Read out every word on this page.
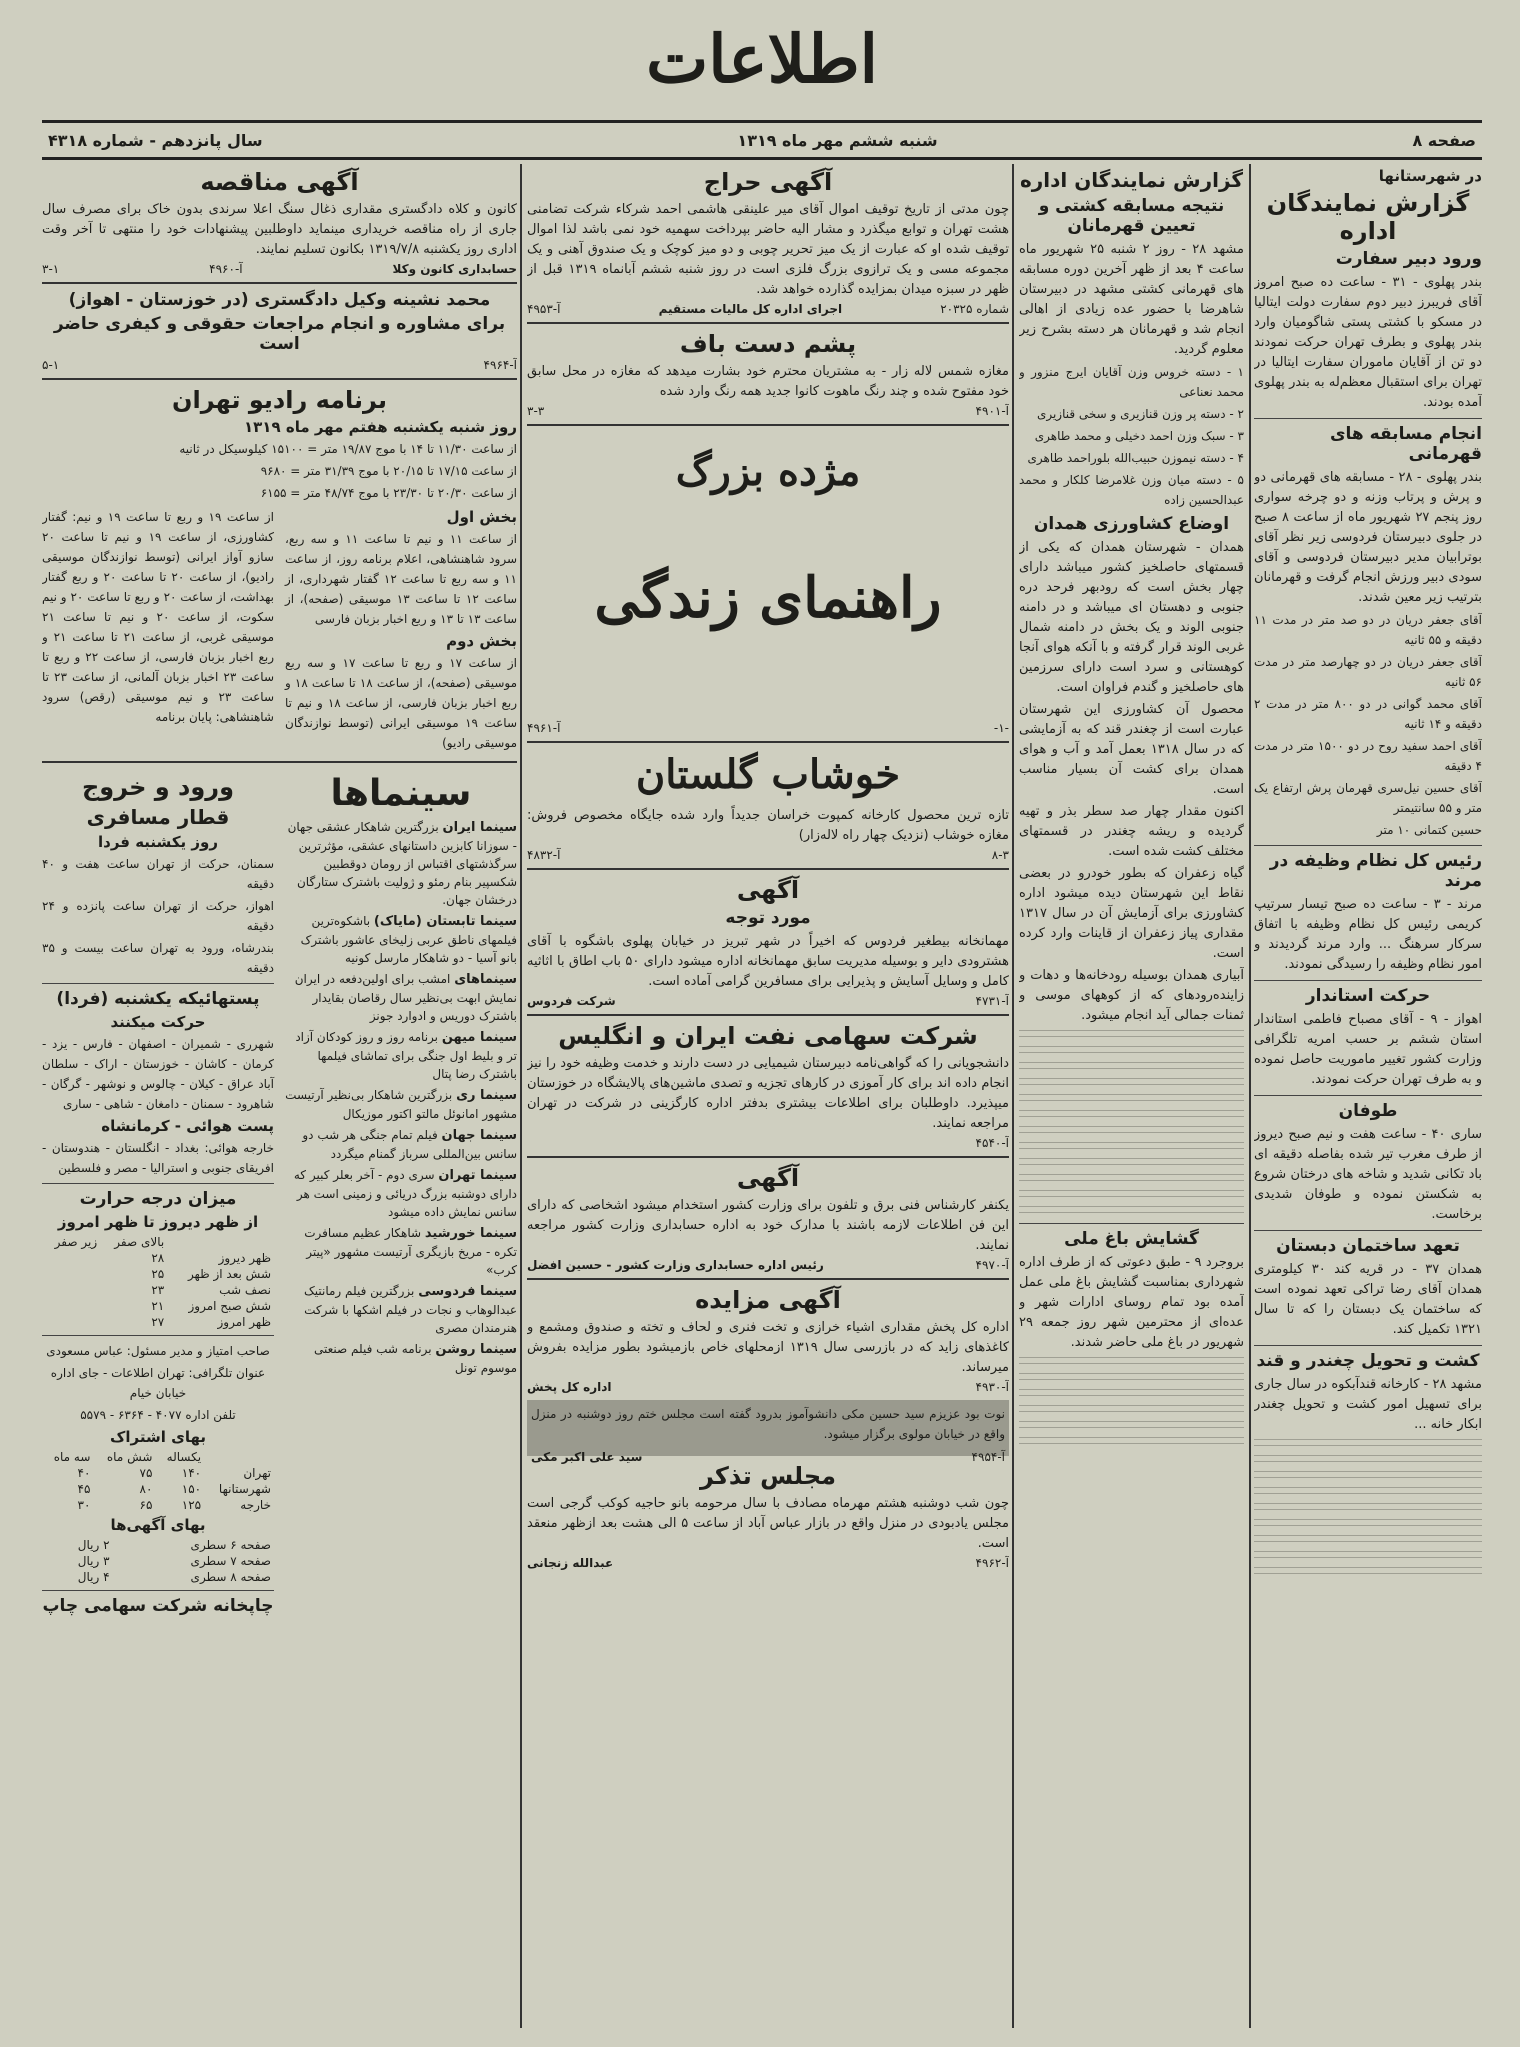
اطلاعات
صفحه ۸
شنبه ششم مهر ماه ۱۳۱۹
سال پانزدهم - شماره ۴۳۱۸
در شهرستانها
گزارش نمایندگان اداره
ورود دبیر سفارت

بندر پهلوی - ۳۱ - ساعت ده صبح امروز آقای فریبرز دبیر دوم سفارت دولت ایتالیا در مسکو با کشتی پستی شاگومیان وارد بندر پهلوی و بطرف تهران حرکت نمودند دو تن از آقایان ماموران سفارت ایتالیا در تهران برای استقبال معظم‌له به بندر پهلوی آمده بودند.

انجام مسابقه های قهرمانی

بندر پهلوی - ۲۸ - مسابقه های قهرمانی دو و پرش و پرتاب وزنه و دو چرخه سواری روز پنجم ۲۷ شهریور ماه از ساعت ۸ صبح در جلوی دبیرستان فردوسی زیر نظر آقای بوترابیان مدیر دبیرستان فردوسی و آقای سودی دبیر ورزش انجام گرفت و قهرمانان بترتیب زیر معین شدند.

آقای جعفر دریان در دو صد متر در مدت ۱۱ دقیقه و ۵۵ ثانیه

آقای جعفر دریان در دو چهارصد متر در مدت ۵۶ ثانیه

آقای محمد گوانی در دو ۸۰۰ متر در مدت ۲ دقیقه و ۱۴ ثانیه

آقای احمد سفید روح در دو ۱۵۰۰ متر در مدت ۴ دقیقه

آقای حسین نیل‌سری قهرمان پرش ارتفاع یک متر و ۵۵ سانتیمتر

حسین کتمانی ۱۰ متر

رئیس کل نظام وظیفه در مرند

مرند - ۳ - ساعت ده صبح تیسار سرتیپ کریمی رئیس کل نظام وظیفه با اتفاق سرکار سرهنگ ... وارد مرند گردیدند و امور نظام وظیفه را رسیدگی نمودند.

حرکت استاندار

اهواز - ۹ - آقای مصباح فاطمی استاندار استان ششم بر حسب امریه تلگرافی وزارت کشور تغییر ماموریت حاصل نموده و به طرف تهران حرکت نمودند.

طوفان

ساری ۴۰ - ساعت هفت و نیم صبح دیروز از طرف مغرب تیر شده بفاصله دقیقه ای باد تکانی شدید و شاخه های درختان شروع به شکستن نموده و طوفان شدیدی برخاست.

تعهد ساختمان دبستان

همدان ۳۷ - در قریه کند ۳۰ کیلومتری همدان آقای رضا تراکی تعهد نموده است که ساختمان یک دبستان را که تا سال ۱۳۲۱ تکمیل کند.

کشت و تحویل چغندر و قند

مشهد ۲۸ - کارخانه قندآبکوه در سال جاری برای تسهیل امور کشت و تحویل چغندر ابکار خانه ...

گزارش نمایندگان اداره
نتیجه مسابقه کشتی و تعیین قهرمانان

مشهد ۲۸ - روز ۲ شنبه ۲۵ شهریور ماه ساعت ۴ بعد از ظهر آخرین دوره مسابقه های قهرمانی کشتی مشهد در دبیرستان شاهرضا با حضور عده زیادی از اهالی انجام شد و قهرمانان هر دسته بشرح زیر معلوم گردید.

۱ - دسته خروس وزن آقایان ایرج منزور و محمد نعناعی

۲ - دسته پر وزن قنازیری و سخی قنازیری

۳ - سبک وزن احمد دخیلی و محمد طاهری

۴ - دسته نیموزن حبیب‌الله بلوراحمد طاهری

۵ - دسته میان وزن غلامرضا کلکار و محمد عبدالحسین زاده

اوضاع کشاورزی همدان

همدان - شهرستان همدان که یکی از قسمتهای حاصلخیز کشور میباشد دارای چهار بخش است که رودبهر فرحد دره جنوبی و دهستان ای میباشد و در دامنه جنوبی الوند و یک بخش در دامنه شمال غربی الوند قرار گرفته و با آنکه هوای آنجا کوهستانی و سرد است دارای سرزمین های حاصلخیز و گندم فراوان است.

محصول آن کشاورزی این شهرستان عبارت است از چغندر قند که به آزمایشی که در سال ۱۳۱۸ بعمل آمد و آب و هوای همدان برای کشت آن بسیار مناسب است.

اکنون مقدار چهار صد سطر بذر و تهیه گردیده و ریشه چغندر در قسمتهای مختلف کشت شده است.

گیاه زعفران که بطور خودرو در بعضی نقاط این شهرستان دیده میشود اداره کشاورزی برای آزمایش آن در سال ۱۳۱۷ مقداری پیاز زعفران از قاینات وارد کرده است.

آبیاری همدان بوسیله رودخانه‌ها و دهات و زاینده‌رودهای که از کوههای موسی و ثمنات جمالی آید انجام میشود.

گشایش باغ ملی

بروجرد ۹ - طبق دعوتی که از طرف اداره شهرداری بمناسبت گشایش باغ ملی عمل آمده بود تمام روسای ادارات شهر و عده‌ای از محترمین شهر روز جمعه ۲۹ شهریور در باغ ملی حاضر شدند.

آگهی حراج

چون مدتی از تاریخ توقیف اموال آقای میر علینقی هاشمی احمد شرکاء شرکت تضامنی هشت تهران و توابع میگذرد و مشار الیه حاضر بپرداخت سهمیه خود نمی باشد لذا اموال توقیف شده او که عبارت از یک میز تحریر چوبی و دو میز کوچک و یک صندوق آهنی و یک مجموعه مسی و یک ترازوی بزرگ فلزی است در روز شنبه ششم آبانماه ۱۳۱۹ قبل از ظهر در سبزه میدان بمزایده گذارده خواهد شد.

شماره ۲۰۳۲۵
اجرای اداره کل مالیات مستقیم
آ-۴۹۵۳
پشم دست باف

مغازه شمس لاله زار - به مشتریان محترم خود بشارت میدهد که مغازه در محل سابق خود مفتوح شده و چند رنگ ماهوت کانوا جدید همه رنگ وارد شده

آ-۴۹۰۱
۳-۳
مژده بزرگ
راهنمای زندگی
-۱-
آ-۴۹۶۱
خوشاب گلستان

تازه ترین محصول کارخانه کمپوت خراسان جدیداً وارد شده جایگاه مخصوص فروش: مغازه خوشاب (نزدیک چهار راه لاله‌زار)

۸-۳
آ-۴۸۳۲
آگهی
مورد توجه

مهمانخانه بیطغیر فردوس که اخیراً در شهر تبریز در خیابان پهلوی باشگوه با آقای هشترودی دایر و بوسیله مدیریت سابق مهمانخانه اداره میشود دارای ۵۰ باب اطاق با اثاثیه کامل و وسایل آسایش و پذیرایی برای مسافرین گرامی آماده است.

آ-۴۷۳۱
شرکت فردوس
شرکت سهامی نفت ایران و انگلیس

دانشجویانی را که گواهی‌نامه دبیرستان شیمیایی در دست دارند و خدمت وظیفه خود را نیز انجام داده اند برای کار آموزی در کارهای تجزیه و تصدی ماشین‌های پالایشگاه در خوزستان میپذیرد. داوطلبان برای اطلاعات بیشتری بدفتر اداره کارگزینی در شرکت در تهران مراجعه نمایند.

آ-۴۵۴۰
آگهی

یکنفر کارشناس فنی برق و تلفون برای وزارت کشور استخدام میشود اشخاصی که دارای این فن اطلاعات لازمه باشند با مدارک خود به اداره حسابداری وزارت کشور مراجعه نمایند.

آ-۴۹۷۰
رئیس اداره حسابداری وزارت کشور - حسین افضل
آگهی مزایده

اداره کل پخش مقداری اشیاء خرازی و تخت فنری و لحاف و تخته و صندوق ومشمع و کاغذهای زاید که در بازرسی سال ۱۳۱۹ ازمحلهای خاص بازمیشود بطور مزایده بفروش میرساند.

آ-۴۹۳۰
اداره کل پخش

نوت بود عزیزم سید حسین مکی دانشوآموز بدرود گفته است مجلس ختم روز دوشنبه در منزل واقع در خیابان مولوی برگزار میشود.

آ-۴۹۵۴
سید علی اکبر مکی
مجلس تذکر

چون شب دوشنبه هشتم مهرماه مصادف با سال مرحومه بانو حاجیه کوکب گرجی است مجلس یادبودی در منزل واقع در بازار عباس آباد از ساعت ۵ الی هشت بعد ازظهر منعقد است.

آ-۴۹۶۲
عبدالله زنجانی
آگهی مناقصه

کانون و کلاه دادگستری مقداری ذغال سنگ اعلا سرندی بدون خاک برای مصرف سال جاری از راه مناقصه خریداری مینماید داوطلبین پیشنهادات خود را منتهی تا آخر وقت اداری روز یکشنبه ۱۳۱۹/۷/۸ بکانون تسلیم نمایند.

حسابداری کانون وکلا
آ-۴۹۶۰
۳-۱
محمد نشینه وکیل دادگستری (در خوزستان - اهواز)
برای مشاوره و انجام مراجعات حقوقی و کیفری حاضر است
آ-۴۹۶۴
۵-۱
برنامه رادیو تهران
روز شنبه یکشنبه هفتم مهر ماه ۱۳۱۹

از ساعت ۱۱/۳۰ تا ۱۴ با موج ۱۹/۸۷ متر = ۱۵۱۰۰ کیلوسیکل در ثانیه

از ساعت ۱۷/۱۵ تا ۲۰/۱۵ با موج ۳۱/۳۹ متر = ۹۶۸۰

از ساعت ۲۰/۳۰ تا ۲۳/۳۰ با موج ۴۸/۷۴ متر = ۶۱۵۵

بخش اول

از ساعت ۱۱ و نیم تا ساعت ۱۱ و سه ربع، سرود شاهنشاهی، اعلام برنامه روز، از ساعت ۱۱ و سه ربع تا ساعت ۱۲ گفتار شهرداری، از ساعت ۱۲ تا ساعت ۱۳ موسیقی (صفحه)، از ساعت ۱۳ تا ۱۳ و ربع اخبار بزبان فارسی

بخش دوم

از ساعت ۱۷ و ربع تا ساعت ۱۷ و سه ربع موسیقی (صفحه)، از ساعت ۱۸ تا ساعت ۱۸ و ربع اخبار بزبان فارسی، از ساعت ۱۸ و نیم تا ساعت ۱۹ موسیقی ایرانی (توسط نوازندگان موسیقی رادیو)

از ساعت ۱۹ و ربع تا ساعت ۱۹ و نیم: گفتار کشاورزی، از ساعت ۱۹ و نیم تا ساعت ۲۰ سازو آواز ایرانی (توسط نوازندگان موسیقی رادیو)، از ساعت ۲۰ تا ساعت ۲۰ و ربع گفتار بهداشت، از ساعت ۲۰ و ربع تا ساعت ۲۰ و نیم سکوت، از ساعت ۲۰ و نیم تا ساعت ۲۱ موسیقی غربی، از ساعت ۲۱ تا ساعت ۲۱ و ربع اخبار بزبان فارسی، از ساعت ۲۲ و ربع تا ساعت ۲۳ اخبار بزبان آلمانی، از ساعت ۲۳ تا ساعت ۲۳ و نیم موسیقی (رقص) سرود شاهنشاهی: پایان برنامه

سینماها
سینما ایران بزرگترین شاهکار عشقی جهان - سوزانا کابزین داستانهای عشقی، مؤثرترین سرگذشتهای اقتباس از رومان دوقطبین شکسپیر بنام رمئو و ژولیت باشترک ستارگان درخشان جهان.
سینما تابستان (مایاک) باشکوه‌ترین فیلمهای ناطق عربی زلیخای عاشور باشترک بانو آسیا - دو شاهکار مارسل کونیه
سینماهای امشب برای اولین‌دفعه در ایران نمایش ابهت بی‌نظیر سال رقاصان بقایدار باشترک دوریس و ادوارد جونز
سینما میهن برنامه روز و روز کودکان آزاد تر و بلیط اول جنگی برای تماشای فیلمها باشترک رضا پتال
سینما ری بزرگترین شاهکار بی‌نظیر آرتیست مشهور امانوئل مالتو اکتور موزیکال
سینما جهان فیلم تمام جنگی هر شب دو سانس بین‌المللی سرباز گمنام میگردد
سینما تهران سری دوم - آخر بعلر کبیر که دارای دوشنبه بزرگ دریائی و زمینی است هر سانس نمایش داده میشود
سینما خورشید شاهکار عظیم مسافرت تکره - مریخ بازیگری آرتیست مشهور «پیتر کرب»
سینما فردوسی بزرگترین فیلم رمانتیک عبدالوهاب و نجات در فیلم اشکها با شرکت هنرمندان مصری
سینما روشن برنامه شب فیلم صنعتی موسوم تونل
ورود و خروج
قطار مسافری
روز یکشنبه فردا

سمنان، حرکت از تهران ساعت هفت و ۴۰ دقیقه

اهواز، حرکت از تهران ساعت پانزده و ۲۴ دقیقه

بندرشاه، ورود به تهران ساعت بیست و ۳۵ دقیقه

پستهائیکه یکشنبه (فردا)
حرکت میکنند

شهرری - شمیران - اصفهان - فارس - یزد - کرمان - کاشان - خوزستان - اراک - سلطان آباد عراق - کیلان - چالوس و نوشهر - گرگان - شاهرود - سمنان - دامغان - شاهی - ساری

پست هوائی - کرمانشاه

خارجه هوائی: بغداد - انگلستان - هندوستان - افریقای جنوبی و استرالیا - مصر و فلسطین

میزان درجه حرارت
از ظهر دیروز تا ظهر امروز
	بالای صفر	زیر صفر
ظهر دیروز	۲۸	
شش بعد از ظهر	۲۵	
نصف شب	۲۳	
شش صبح امروز	۲۱	
ظهر امروز	۲۷	

صاحب امتیاز و مدیر مسئول: عباس مسعودی

عنوان تلگرافی: تهران اطلاعات - جای اداره خیابان خیام

تلفن اداره ۴۰۷۷ - ۶۳۶۴ - ۵۵۷۹

بهای اشتراک
	یکساله	شش ماه	سه ماه
تهران	۱۴۰	۷۵	۴۰
شهرستانها	۱۵۰	۸۰	۴۵
خارجه	۱۲۵	۶۵	۳۰
بهای آگهی‌ها
صفحه ۶ سطری	۲ ریال
صفحه ۷ سطری	۳ ریال
صفحه ۸ سطری	۴ ریال
چاپخانه شرکت سهامی چاپ
